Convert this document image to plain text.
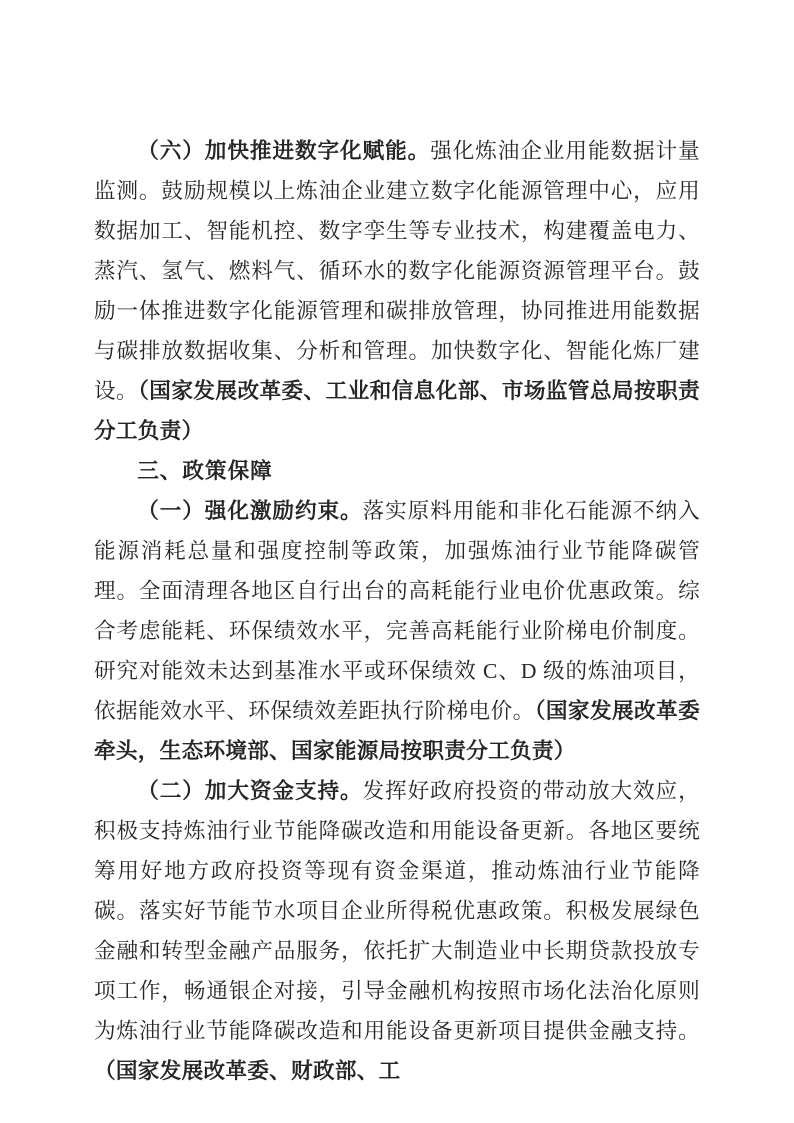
（六）加快推进数字化赋能。强化炼油企业用能数据计量监测。鼓励规模以上炼油企业建立数字化能源管理中心，应用数据加工、智能机控、数字孪生等专业技术，构建覆盖电力、蒸汽、氢气、燃料气、循环水的数字化能源资源管理平台。鼓励一体推进数字化能源管理和碳排放管理，协同推进用能数据与碳排放数据收集、分析和管理。加快数字化、智能化炼厂建设。（国家发展改革委、工业和信息化部、市场监管总局按职责分工负责）

三、政策保障

（一）强化激励约束。落实原料用能和非化石能源不纳入能源消耗总量和强度控制等政策，加强炼油行业节能降碳管理。全面清理各地区自行出台的高耗能行业电价优惠政策。综合考虑能耗、环保绩效水平，完善高耗能行业阶梯电价制度。研究对能效未达到基准水平或环保绩效 C、D 级的炼油项目，依据能效水平、环保绩效差距执行阶梯电价。（国家发展改革委牵头，生态环境部、国家能源局按职责分工负责）

（二）加大资金支持。发挥好政府投资的带动放大效应，积极支持炼油行业节能降碳改造和用能设备更新。各地区要统筹用好地方政府投资等现有资金渠道，推动炼油行业节能降碳。落实好节能节水项目企业所得税优惠政策。积极发展绿色金融和转型金融产品服务，依托扩大制造业中长期贷款投放专项工作，畅通银企对接，引导金融机构按照市场化法治化原则为炼油行业节能降碳改造和用能设备更新项目提供金融支持。（国家发展改革委、财政部、工
